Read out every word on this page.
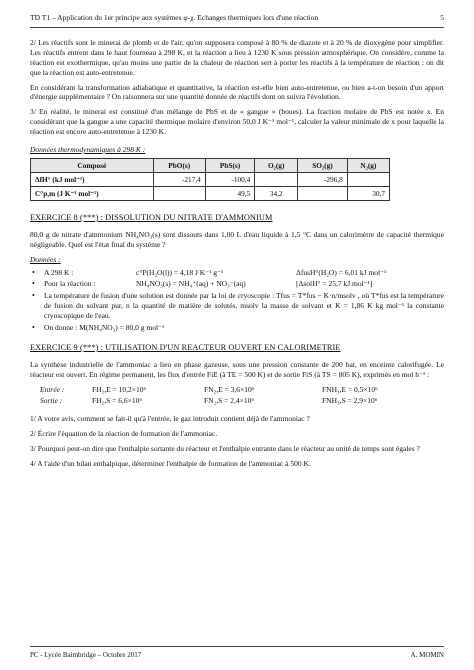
TD T1 – Application du 1er principe aux systèmes φ-χ. Echanges thermiques lors d'une réaction	5

2/ Les réactifs sont le minerai de plomb et de l'air, qu'on supposera composé à 80 % de diazote et à 20 % de dioxygène pour simplifier. Les réactifs entrent dans le haut fourneau à 298 K, et la réaction a lieu à 1230 K sous pression atmosphérique. On considère, comme la réaction est exothermique, qu'au moins une partie de la chaleur de réaction sert à porter les réactifs à la température de réaction : on dit que la réaction est auto-entretenue.

En considérant la transformation adiabatique et quantitative, la réaction est-elle bien auto-entretenue, ou bien a-t-on besoin d'un apport d'énergie supplémentaire ? On raisonnera sur une quantité donnée de réactifs dont on suivra l'évolution.

3/ En réalité, le minerai est constitué d'un mélange de PbS et de « gangue » (boues). La fraction molaire de PbS est notée x. En considérant que la gangue a une capacité thermique molaire d'environ 50,0 J K⁻¹ mol⁻¹, calculer la valeur minimale de x pour laquelle la réaction est encore auto-entretenue à 1230 K.

Données thermodynamiques à 298 K :
Composé	PbO(s)	PbS(s)	O₂(g)	SO₂(g)	N₂(g)
ΔfH° (kJ mol⁻¹)	-217,4	-100,4		-296,8	
C°p,m (J K⁻¹ mol⁻¹)		49,5	34,2		30,7
EXERCICE 8 (***) : DISSOLUTION DU NITRATE D'AMMONIUM

80,0 g de nitrate d'ammonium NH₄NO₃(s) sont dissouts dans 1,00 L d'eau liquide à 1,5 °C dans un calorimètre de capacité thermique négligeable. Quel est l'état final du système ?

Données :
• A 298 K :	c°P(H₂O(l)) = 4,18 J K⁻¹ g⁻¹	ΔfusH°(H₂O) = 6,01 kJ mol⁻¹
• Pour la réaction :	NH₄NO₃(s) = NH₄⁺(aq) + NO₃⁻(aq)	[ΔsolH° = 25,7 kJ mol⁻¹]
• La température de fusion d'une solution est donnée par la loi de cryoscopie : Tfus = T*fus − K·n/msolv , où T*fus est la température de fusion du solvant pur, n la quantité de matière de solutés, msolv la masse de solvant et K = 1,86 K kg mol⁻¹ la constante cryoscopique de l'eau.
• On donne : M(NH₄NO₃) = 80,0 g mol⁻¹
EXERCICE 9 (***) : UTILISATION D'UN REACTEUR OUVERT EN CALORIMETRIE

La synthèse industrielle de l'ammoniac a lieu en phase gazeuse, sous une pression constante de 200 bar, en enceinte calorifugée. Le réacteur est ouvert. En régime permanent, les flux d'entrée FiE (à TE = 500 K) et de sortie FiS (à TS = 805 K), exprimés en mol h⁻¹ :

Entrée :	FH₂,E = 10,2×10⁶	FN₂,E = 3,6×10⁶	FNH₃,E = 0,5×10⁶
Sortie :	FH₂,S = 6,6×10⁶	FN₂,S = 2,4×10⁶	FNH₃,S = 2,9×10⁶

1/ A votre avis, comment se fait-il qu'à l'entrée, le gaz introduit contient déjà de l'ammoniac ?

2/ Écrire l'équation de la réaction de formation de l'ammoniac.

3/ Pourquoi peut-on dire que l'enthalpie sortante du réacteur et l'enthalpie entrante dans le réacteur au unité de temps sont égales ?

4/ A l'aide d'un bilan enthalpique, déterminer l'enthalpie de formation de l'ammoniac à 500 K.

PC - Lycée Baimbridge – Octobre 2017	A. MOMIN
